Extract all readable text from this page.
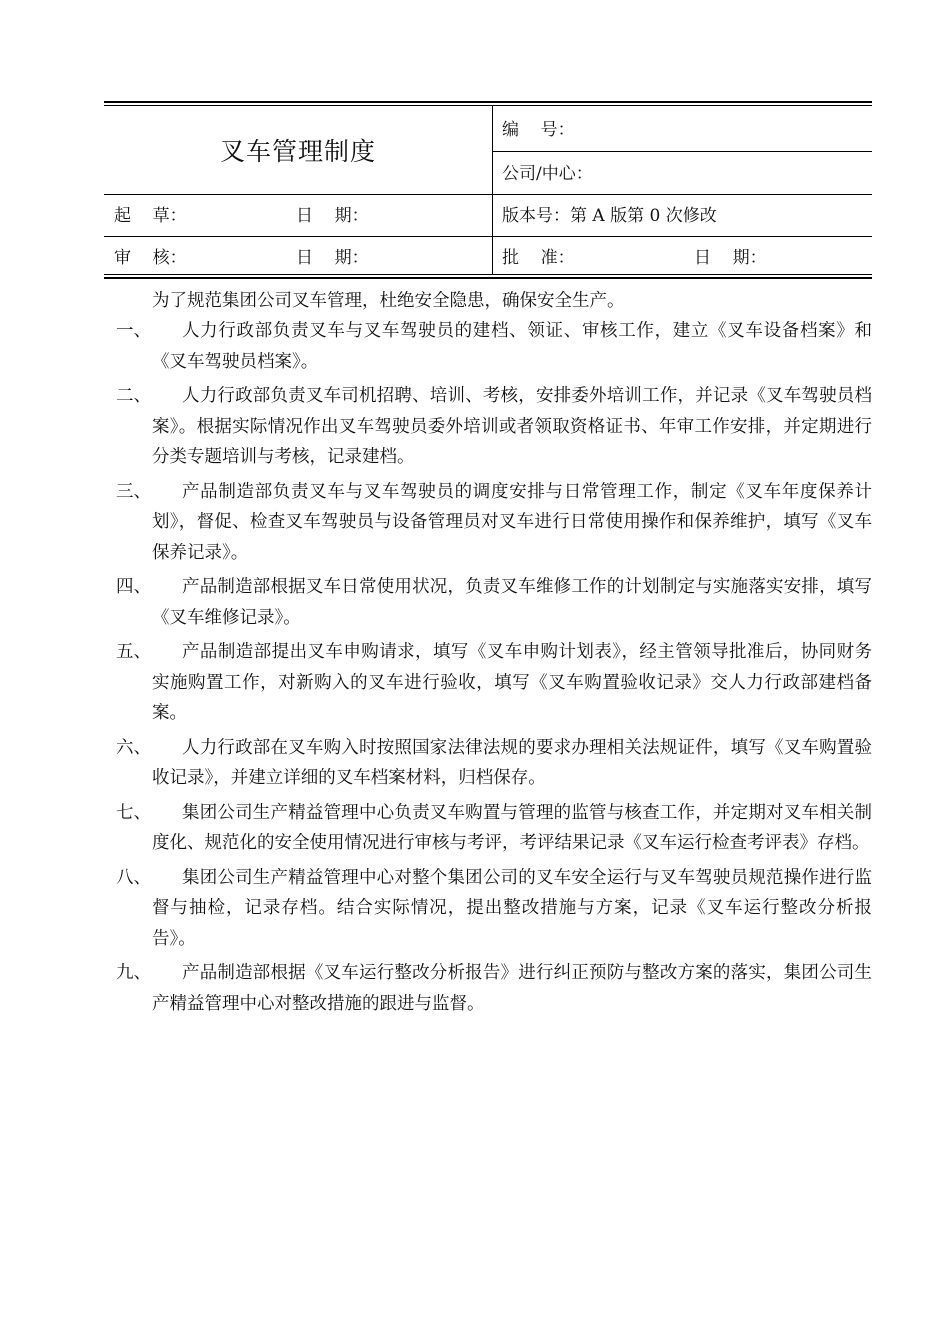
叉车管理制度
编    号：
公司/中心：
起    草：	日    期：	版本号：第 A 版第 0 次修改
审    核：	日    期：	批    准：	日    期：
为了规范集团公司叉车管理，杜绝安全隐患，确保安全生产。
一、	人力行政部负责叉车与叉车驾驶员的建档、领证、审核工作，建立《叉车设备档案》和《叉车驾驶员档案》。
二、	人力行政部负责叉车司机招聘、培训、考核，安排委外培训工作，并记录《叉车驾驶员档案》。根据实际情况作出叉车驾驶员委外培训或者领取资格证书、年审工作安排，并定期进行分类专题培训与考核，记录建档。
三、	产品制造部负责叉车与叉车驾驶员的调度安排与日常管理工作，制定《叉车年度保养计划》，督促、检查叉车驾驶员与设备管理员对叉车进行日常使用操作和保养维护，填写《叉车保养记录》。
四、	产品制造部根据叉车日常使用状况，负责叉车维修工作的计划制定与实施落实安排，填写《叉车维修记录》。
五、	产品制造部提出叉车申购请求，填写《叉车申购计划表》，经主管领导批准后，协同财务实施购置工作，对新购入的叉车进行验收，填写《叉车购置验收记录》交人力行政部建档备案。
六、	人力行政部在叉车购入时按照国家法律法规的要求办理相关法规证件，填写《叉车购置验收记录》，并建立详细的叉车档案材料，归档保存。
七、	集团公司生产精益管理中心负责叉车购置与管理的监管与核查工作，并定期对叉车相关制度化、规范化的安全使用情况进行审核与考评，考评结果记录《叉车运行检查考评表》存档。
八、	集团公司生产精益管理中心对整个集团公司的叉车安全运行与叉车驾驶员规范操作进行监督与抽检，记录存档。结合实际情况，提出整改措施与方案，记录《叉车运行整改分析报告》。
九、	产品制造部根据《叉车运行整改分析报告》进行纠正预防与整改方案的落实，集团公司生产精益管理中心对整改措施的跟进与监督。
